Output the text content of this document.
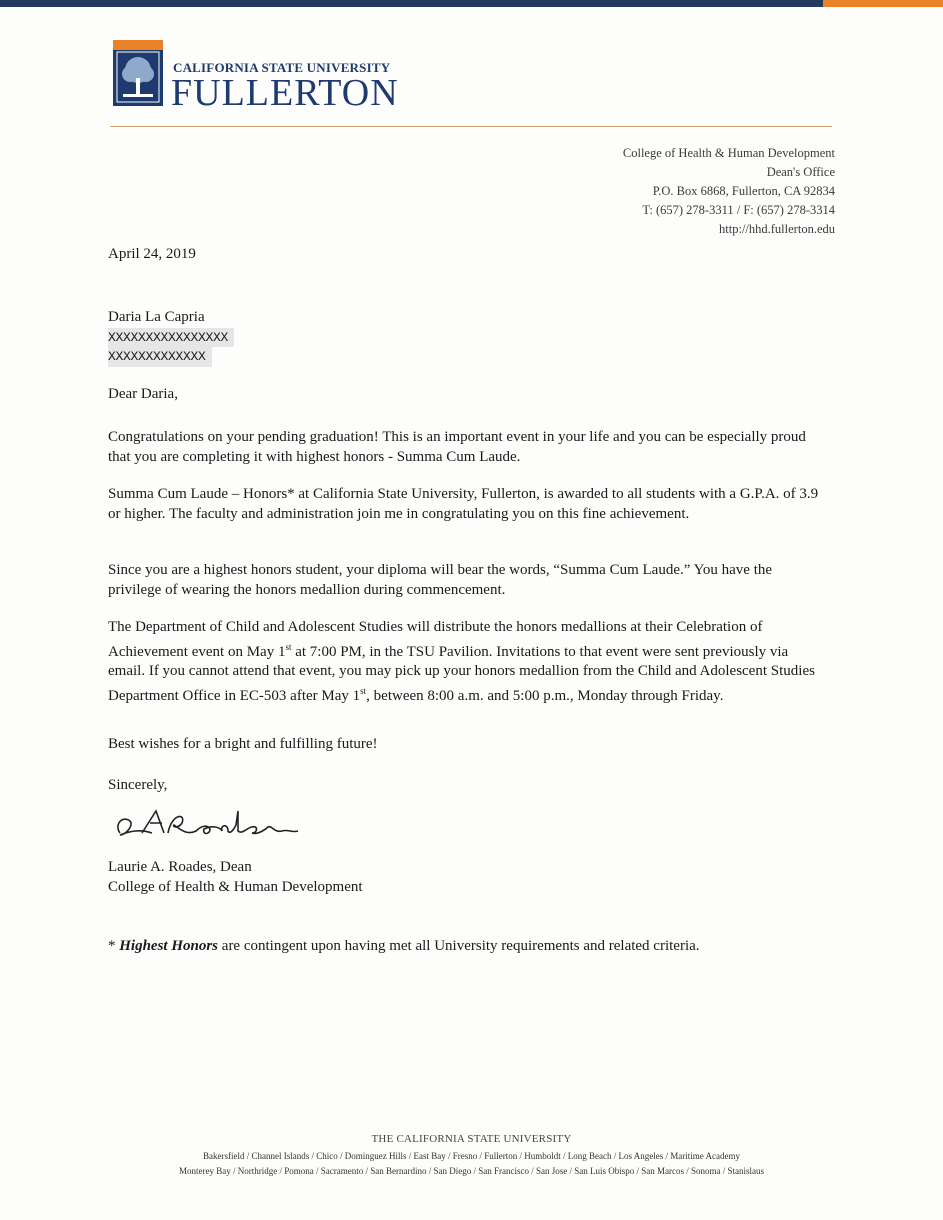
CALIFORNIA STATE UNIVERSITY
FULLERTON
College of Health & Human Development
Dean's Office
P.O. Box 6868, Fullerton, CA 92834
T: (657) 278-3311 / F: (657) 278-3314
http://hhd.fullerton.edu
April 24, 2019
Daria La Capria
XXXXXXXXXXXXXXXX
XXXXXXXXXXXXX
Dear Daria,
Congratulations on your pending graduation! This is an important event in your life and you can be especially proud that you are completing it with highest honors - Summa Cum Laude.
Summa Cum Laude – Honors* at California State University, Fullerton, is awarded to all students with a G.P.A. of 3.9 or higher. The faculty and administration join me in congratulating you on this fine achievement.
Since you are a highest honors student, your diploma will bear the words, “Summa Cum Laude.” You have the privilege of wearing the honors medallion during commencement.
The Department of Child and Adolescent Studies will distribute the honors medallions at their Celebration of Achievement event on May 1st at 7:00 PM, in the TSU Pavilion. Invitations to that event were sent previously via email. If you cannot attend that event, you may pick up your honors medallion from the Child and Adolescent Studies Department Office in EC-503 after May 1st, between 8:00 a.m. and 5:00 p.m., Monday through Friday.
Best wishes for a bright and fulfilling future!
Sincerely,
Laurie A. Roades, Dean
College of Health & Human Development
* Highest Honors are contingent upon having met all University requirements and related criteria.
THE CALIFORNIA STATE UNIVERSITY
Bakersfield / Channel Islands / Chico / Dominguez Hills / East Bay / Fresno / Fullerton / Humboldt / Long Beach / Los Angeles / Maritime Academy
Monterey Bay / Northridge / Pomona / Sacramento / San Bernardino / San Diego / San Francisco / San Jose / San Luis Obispo / San Marcos / Sonoma / Stanislaus
